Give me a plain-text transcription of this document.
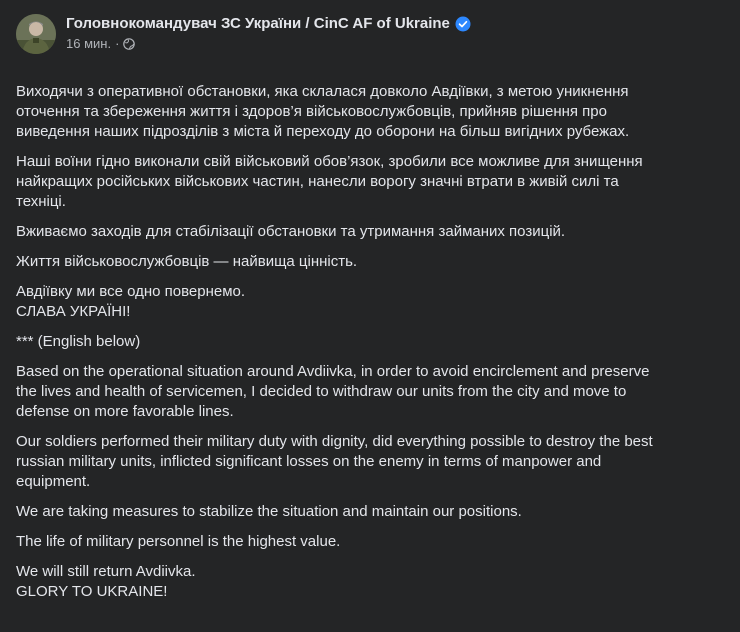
Головнокомандувач ЗС України / CinC AF of Ukraine
16 мин. ·

Виходячи з оперативної обстановки, яка склалася довколо Авдіївки, з метою уникнення
оточення та збереження життя і здоров’я військовослужбовців, прийняв рішення про
виведення наших підрозділів з міста й переходу до оборони на більш вигідних рубежах.

Наші воїни гідно виконали свій військовий обов’язок, зробили все можливе для знищення
найкращих російських військових частин, нанесли ворогу значні втрати в живій силі та
техніці.

Вживаємо заходів для стабілізації обстановки та утримання займаних позицій.

Життя військовослужбовців — найвища цінність.

Авдіївку ми все одно повернемо.
СЛАВА УКРАЇНІ!

*** (English below)

Based on the operational situation around Avdiivka, in order to avoid encirclement and preserve
the lives and health of servicemen, I decided to withdraw our units from the city and move to
defense on more favorable lines.

Our soldiers performed their military duty with dignity, did everything possible to destroy the best
russian military units, inflicted significant losses on the enemy in terms of manpower and
equipment.

We are taking measures to stabilize the situation and maintain our positions.

The life of military personnel is the highest value.

We will still return Avdiivka.
GLORY TO UKRAINE!
